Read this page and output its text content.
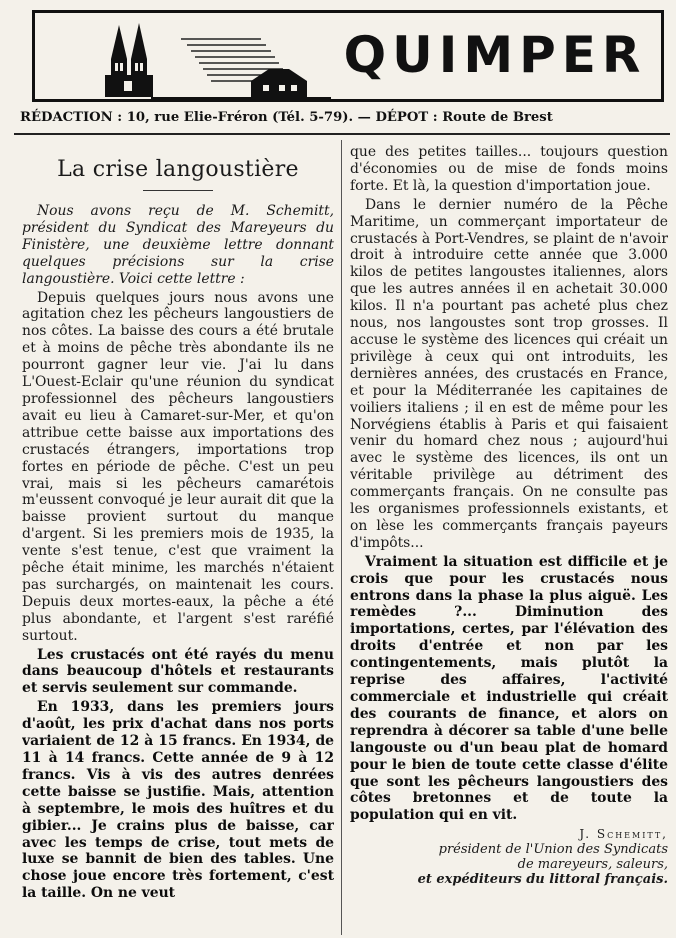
QUIMPER
RÉDACTION : 10, rue Elie-Fréron (Tél. 5-79). — DÉPOT : Route de Brest
La crise langoustière

Nous avons reçu de M. Schemitt, président du Syndicat des Mareyeurs du Finistère, une deuxième lettre donnant quelques précisions sur la crise langoustière. Voici cette lettre :

Depuis quelques jours nous avons une agitation chez les pêcheurs langoustiers de nos côtes. La baisse des cours a été brutale et à moins de pêche très abondante ils ne pourront gagner leur vie. J'ai lu dans L'Ouest-Eclair qu'une réunion du syndicat professionnel des pêcheurs langoustiers avait eu lieu à Camaret-sur-Mer, et qu'on attribue cette baisse aux importations des crustacés étrangers, importations trop fortes en période de pêche. C'est un peu vrai, mais si les pêcheurs camarétois m'eussent convoqué je leur aurait dit que la baisse provient surtout du manque d'argent. Si les premiers mois de 1935, la vente s'est tenue, c'est que vraiment la pêche était minime, les marchés n'étaient pas surchargés, on maintenait les cours. Depuis deux mortes-eaux, la pêche a été plus abondante, et l'argent s'est raréfié surtout.

Les crustacés ont été rayés du menu dans beaucoup d'hôtels et restaurants et servis seulement sur commande.

En 1933, dans les premiers jours d'août, les prix d'achat dans nos ports variaient de 12 à 15 francs. En 1934, de 11 à 14 francs. Cette année de 9 à 12 francs. Vis à vis des autres denrées cette baisse se justifie. Mais, attention à septembre, le mois des huîtres et du gibier... Je crains plus de baisse, car avec les temps de crise, tout mets de luxe se bannit de bien des tables. Une chose joue encore très fortement, c'est la taille. On ne veut

que des petites tailles... toujours question d'économies ou de mise de fonds moins forte. Et là, la question d'importation joue.

Dans le dernier numéro de la Pêche Maritime, un commerçant importateur de crustacés à Port-Vendres, se plaint de n'avoir droit à introduire cette année que 3.000 kilos de petites langoustes italiennes, alors que les autres années il en achetait 30.000 kilos. Il n'a pourtant pas acheté plus chez nous, nos langoustes sont trop grosses. Il accuse le système des licences qui créait un privilège à ceux qui ont introduits, les dernières années, des crustacés en France, et pour la Méditerranée les capitaines de voiliers italiens ; il en est de même pour les Norvégiens établis à Paris et qui faisaient venir du homard chez nous ; aujourd'hui avec le système des licences, ils ont un véritable privilège au détriment des commerçants français. On ne consulte pas les organismes professionnels existants, et on lèse les commerçants français payeurs d'impôts...

Vraiment la situation est difficile et je crois que pour les crustacés nous entrons dans la phase la plus aiguë. Les remèdes ?... Diminution des importations, certes, par l'élévation des droits d'entrée et non par les contingentements, mais plutôt la reprise des affaires, l'activité commerciale et industrielle qui créait des courants de finance, et alors on reprendra à décorer sa table d'une belle langouste ou d'un beau plat de homard pour le bien de toute cette classe d'élite que sont les pêcheurs langoustiers des côtes bretonnes et de toute la population qui en vit.

J. Schemitt,
président de l'Union des Syndicats
de mareyeurs, saleurs,
et expéditeurs du littoral français.
